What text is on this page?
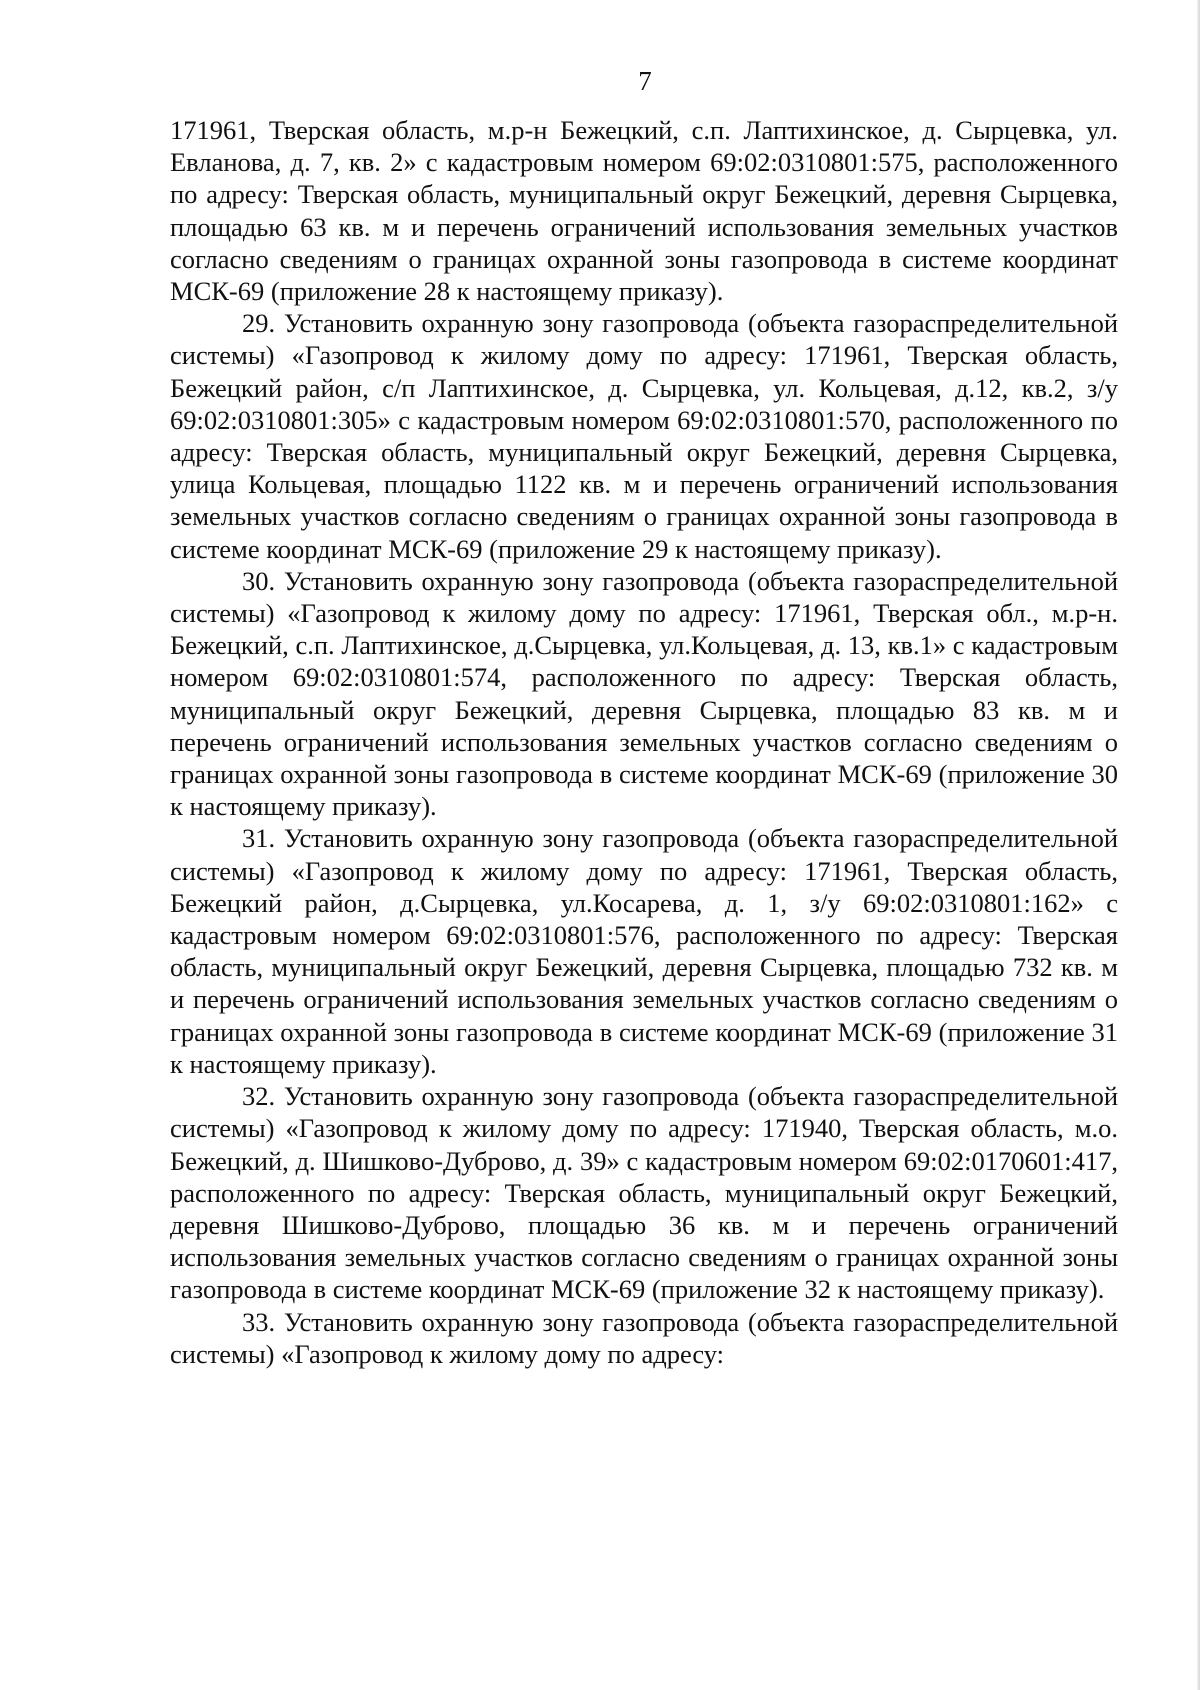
7

171961, Тверская область, м.р-н Бежецкий, с.п. Лаптихинское, д. Сырцевка, ул. Евланова, д. 7, кв. 2» с кадастровым номером 69:02:0310801:575, расположенного по адресу: Тверская область, муниципальный округ Бежецкий, деревня Сырцевка, площадью 63 кв. м и перечень ограничений использования земельных участков согласно сведениям о границах охранной зоны газопровода в системе координат МСК-69 (приложение 28 к настоящему приказу).

29. Установить охранную зону газопровода (объекта газораспределительной системы) «Газопровод к жилому дому по адресу: 171961, Тверская область, Бежецкий район, с/п Лаптихинское, д. Сырцевка, ул. Кольцевая, д.12, кв.2, з/у 69:02:0310801:305» с кадастровым номером 69:02:0310801:570, расположенного по адресу: Тверская область, муниципальный округ Бежецкий, деревня Сырцевка, улица Кольцевая, площадью 1122 кв. м и перечень ограничений использования земельных участков согласно сведениям о границах охранной зоны газопровода в системе координат МСК-69 (приложение 29 к настоящему приказу).

30. Установить охранную зону газопровода (объекта газораспределительной системы) «Газопровод к жилому дому по адресу: 171961, Тверская обл., м.р-н. Бежецкий, с.п. Лаптихинское, д.Сырцевка, ул.Кольцевая, д. 13, кв.1» с кадастровым номером 69:02:0310801:574, расположенного по адресу: Тверская область, муниципальный округ Бежецкий, деревня Сырцевка, площадью 83 кв. м и перечень ограничений использования земельных участков согласно сведениям о границах охранной зоны газопровода в системе координат МСК-69 (приложение 30 к настоящему приказу).

31. Установить охранную зону газопровода (объекта газораспределительной системы) «Газопровод к жилому дому по адресу: 171961, Тверская область, Бежецкий район, д.Сырцевка, ул.Косарева, д. 1, з/у 69:02:0310801:162» с кадастровым номером 69:02:0310801:576, расположенного по адресу: Тверская область, муниципальный округ Бежецкий, деревня Сырцевка, площадью 732 кв. м и перечень ограничений использования земельных участков согласно сведениям о границах охранной зоны газопровода в системе координат МСК-69 (приложение 31 к настоящему приказу).

32. Установить охранную зону газопровода (объекта газораспределительной системы) «Газопровод к жилому дому по адресу: 171940, Тверская область, м.о. Бежецкий, д. Шишково-Дуброво, д. 39» с кадастровым номером 69:02:0170601:417, расположенного по адресу: Тверская область, муниципальный округ Бежецкий, деревня Шишково-Дуброво, площадью 36 кв. м и перечень ограничений использования земельных участков согласно сведениям о границах охранной зоны газопровода в системе координат МСК-69 (приложение 32 к настоящему приказу).

33. Установить охранную зону газопровода (объекта газораспределительной системы) «Газопровод к жилому дому по адресу:
